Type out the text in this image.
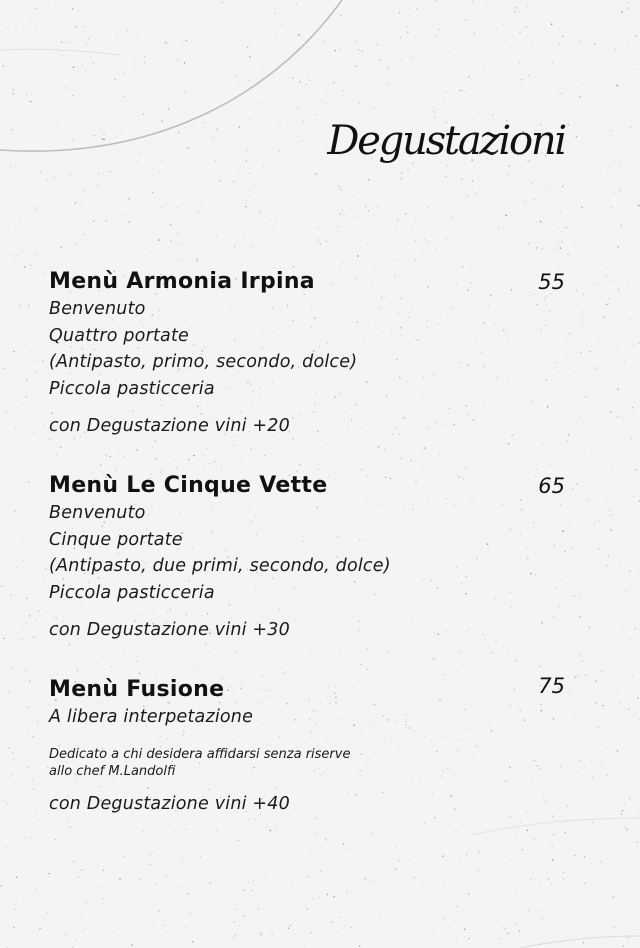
Degustazioni
Menù Armonia Irpina	55
Benvenuto
Quattro portate
(Antipasto, primo, secondo, dolce)
Piccola pasticceria
con Degustazione vini +20
Menù Le Cinque Vette	65
Benvenuto
Cinque portate
(Antipasto, due primi, secondo, dolce)
Piccola pasticceria
con Degustazione vini +30
Menù Fusione	75
A libera interpetazione
Dedicato a chi desidera affidarsi senza riserve
allo chef M.Landolfi
con Degustazione vini +40
